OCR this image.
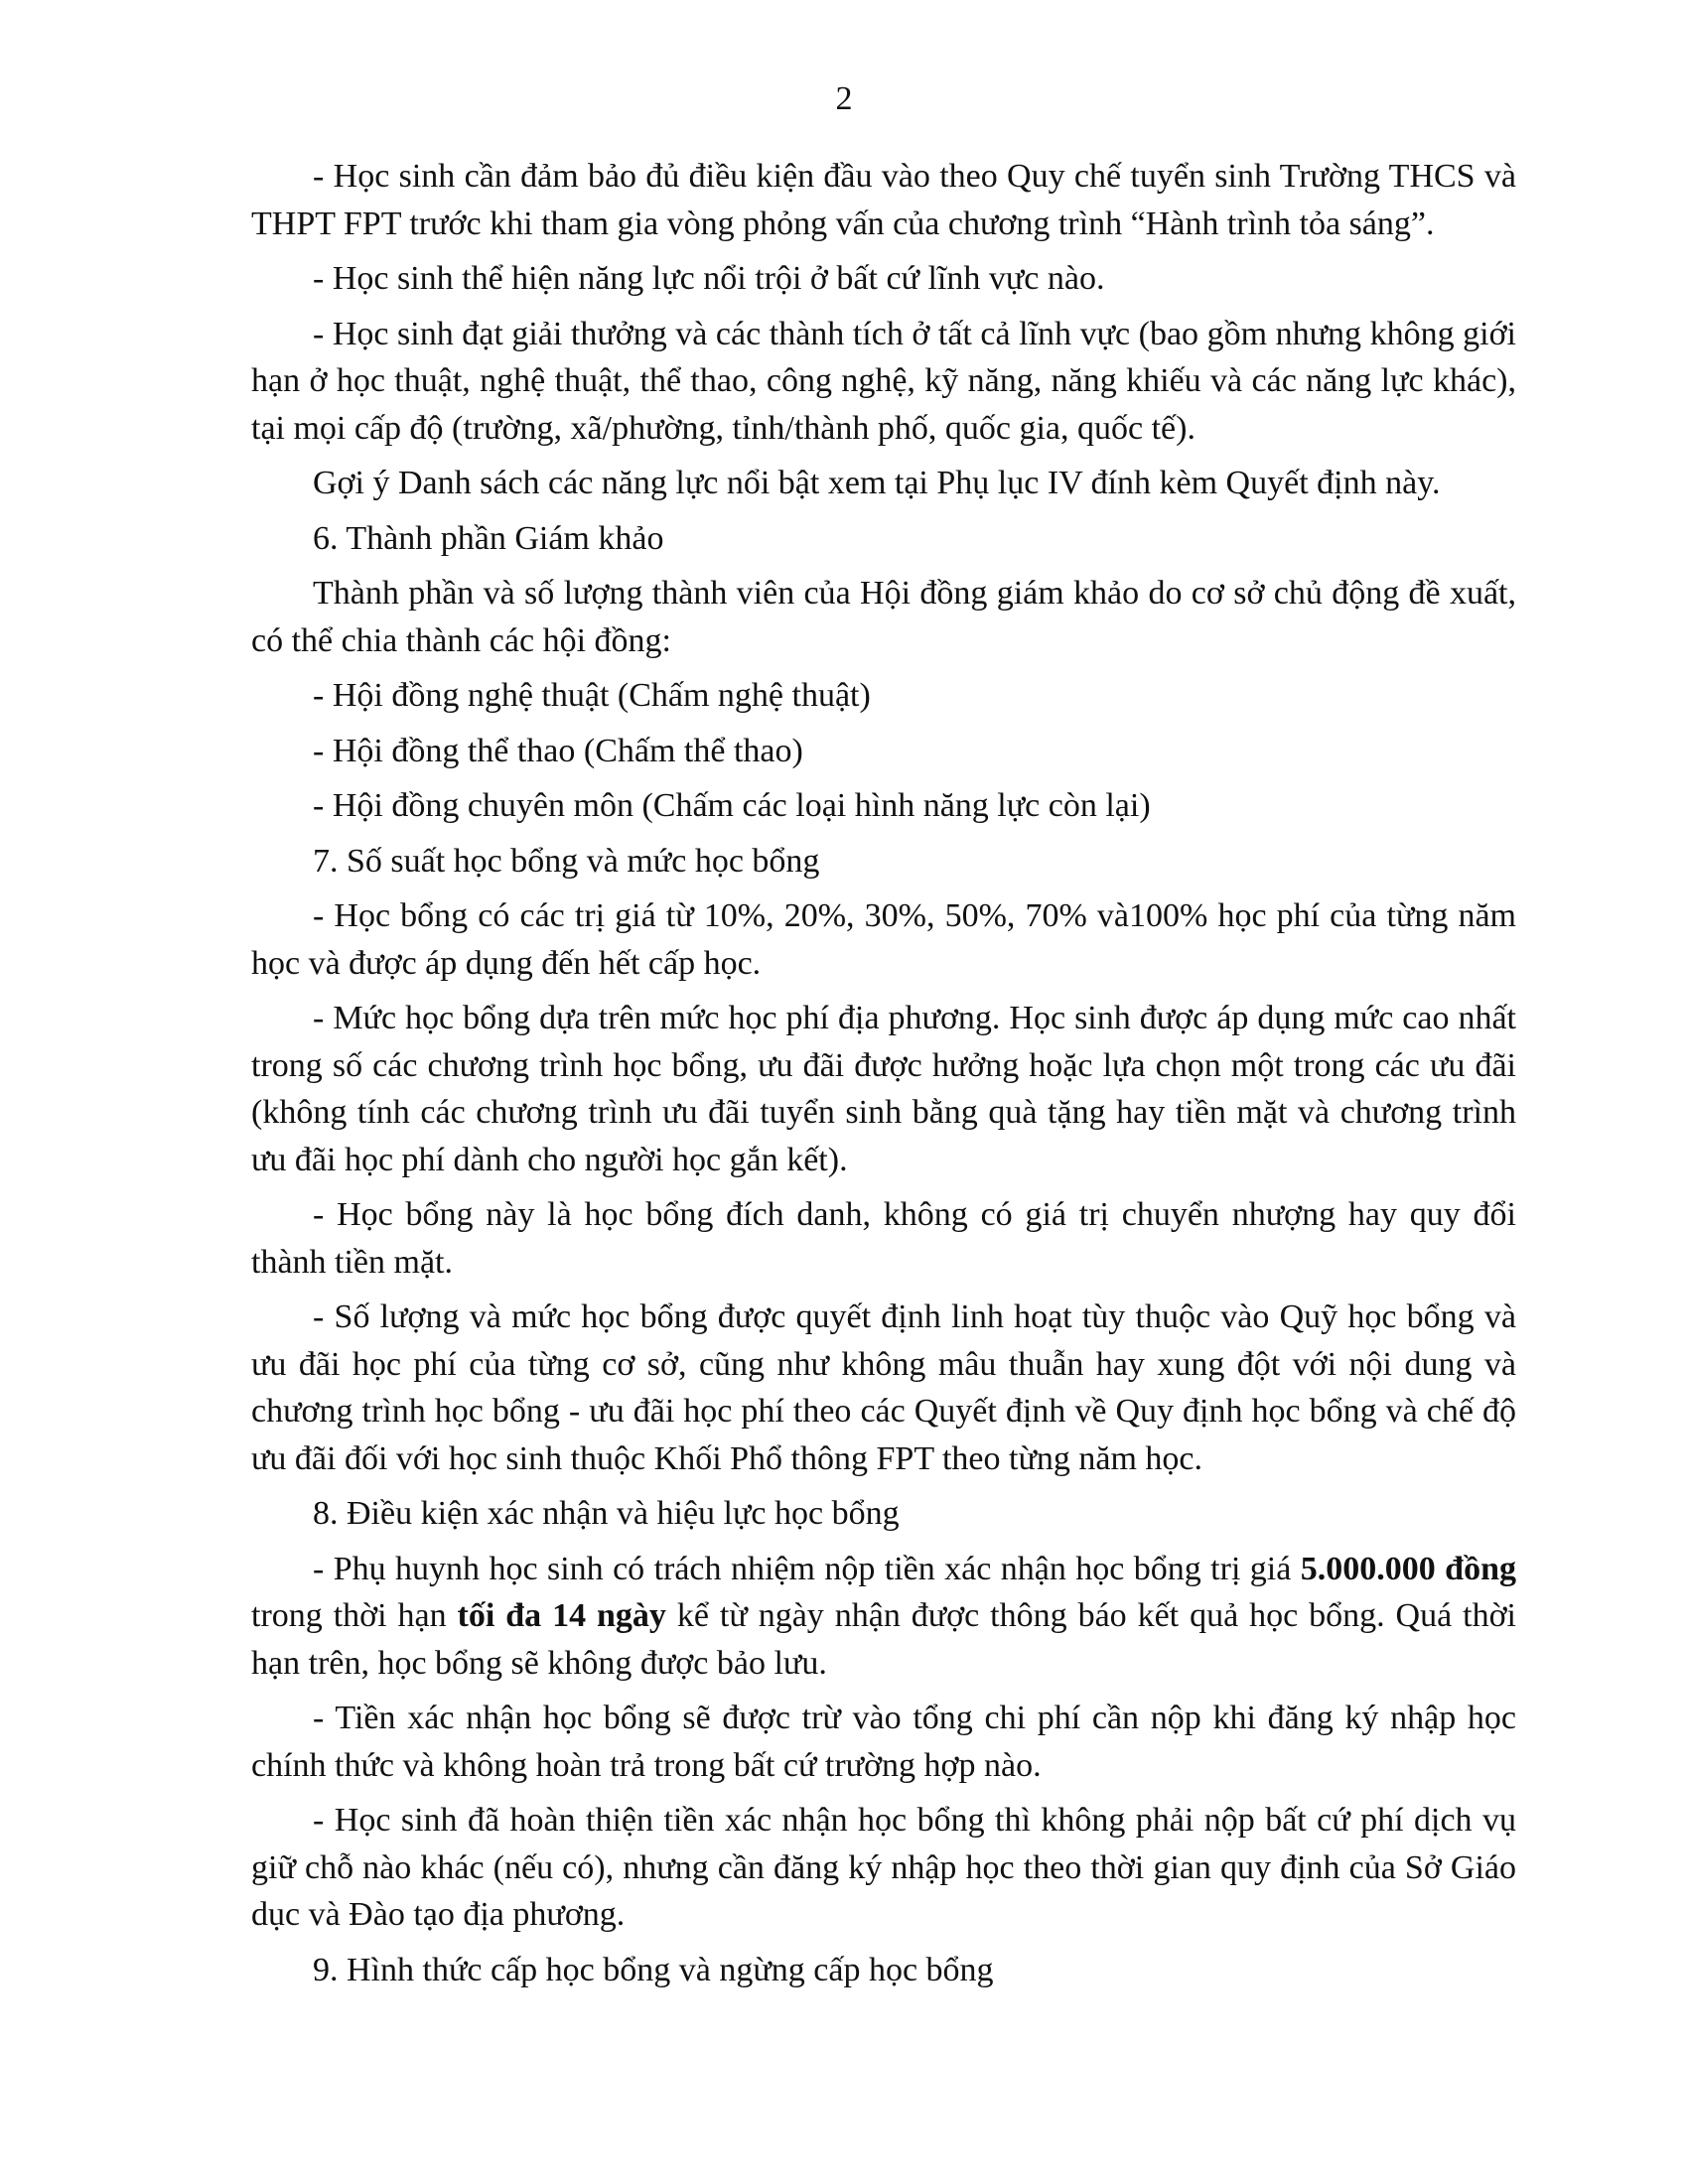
2

- Học sinh cần đảm bảo đủ điều kiện đầu vào theo Quy chế tuyển sinh Trường THCS và THPT FPT trước khi tham gia vòng phỏng vấn của chương trình “Hành trình tỏa sáng”.

- Học sinh thể hiện năng lực nổi trội ở bất cứ lĩnh vực nào.

- Học sinh đạt giải thưởng và các thành tích ở tất cả lĩnh vực (bao gồm nhưng không giới hạn ở học thuật, nghệ thuật, thể thao, công nghệ, kỹ năng, năng khiếu và các năng lực khác), tại mọi cấp độ (trường, xã/phường, tỉnh/thành phố, quốc gia, quốc tế).

Gợi ý Danh sách các năng lực nổi bật xem tại Phụ lục IV đính kèm Quyết định này.

6. Thành phần Giám khảo

Thành phần và số lượng thành viên của Hội đồng giám khảo do cơ sở chủ động đề xuất, có thể chia thành các hội đồng:

- Hội đồng nghệ thuật (Chấm nghệ thuật)

- Hội đồng thể thao (Chấm thể thao)

- Hội đồng chuyên môn (Chấm các loại hình năng lực còn lại)

7. Số suất học bổng và mức học bổng

- Học bổng có các trị giá từ 10%, 20%, 30%, 50%, 70% và100% học phí của từng năm học và được áp dụng đến hết cấp học.

- Mức học bổng dựa trên mức học phí địa phương. Học sinh được áp dụng mức cao nhất trong số các chương trình học bổng, ưu đãi được hưởng hoặc lựa chọn một trong các ưu đãi (không tính các chương trình ưu đãi tuyển sinh bằng quà tặng hay tiền mặt và chương trình ưu đãi học phí dành cho người học gắn kết).

- Học bổng này là học bổng đích danh, không có giá trị chuyển nhượng hay quy đổi thành tiền mặt.

- Số lượng và mức học bổng được quyết định linh hoạt tùy thuộc vào Quỹ học bổng và ưu đãi học phí của từng cơ sở, cũng như không mâu thuẫn hay xung đột với nội dung và chương trình học bổng - ưu đãi học phí theo các Quyết định về Quy định học bổng và chế độ ưu đãi đối với học sinh thuộc Khối Phổ thông FPT theo từng năm học.

8. Điều kiện xác nhận và hiệu lực học bổng

- Phụ huynh học sinh có trách nhiệm nộp tiền xác nhận học bổng trị giá 5.000.000 đồng trong thời hạn tối đa 14 ngày kể từ ngày nhận được thông báo kết quả học bổng. Quá thời hạn trên, học bổng sẽ không được bảo lưu.

- Tiền xác nhận học bổng sẽ được trừ vào tổng chi phí cần nộp khi đăng ký nhập học chính thức và không hoàn trả trong bất cứ trường hợp nào.

- Học sinh đã hoàn thiện tiền xác nhận học bổng thì không phải nộp bất cứ phí dịch vụ giữ chỗ nào khác (nếu có), nhưng cần đăng ký nhập học theo thời gian quy định của Sở Giáo dục và Đào tạo địa phương.

9. Hình thức cấp học bổng và ngừng cấp học bổng
